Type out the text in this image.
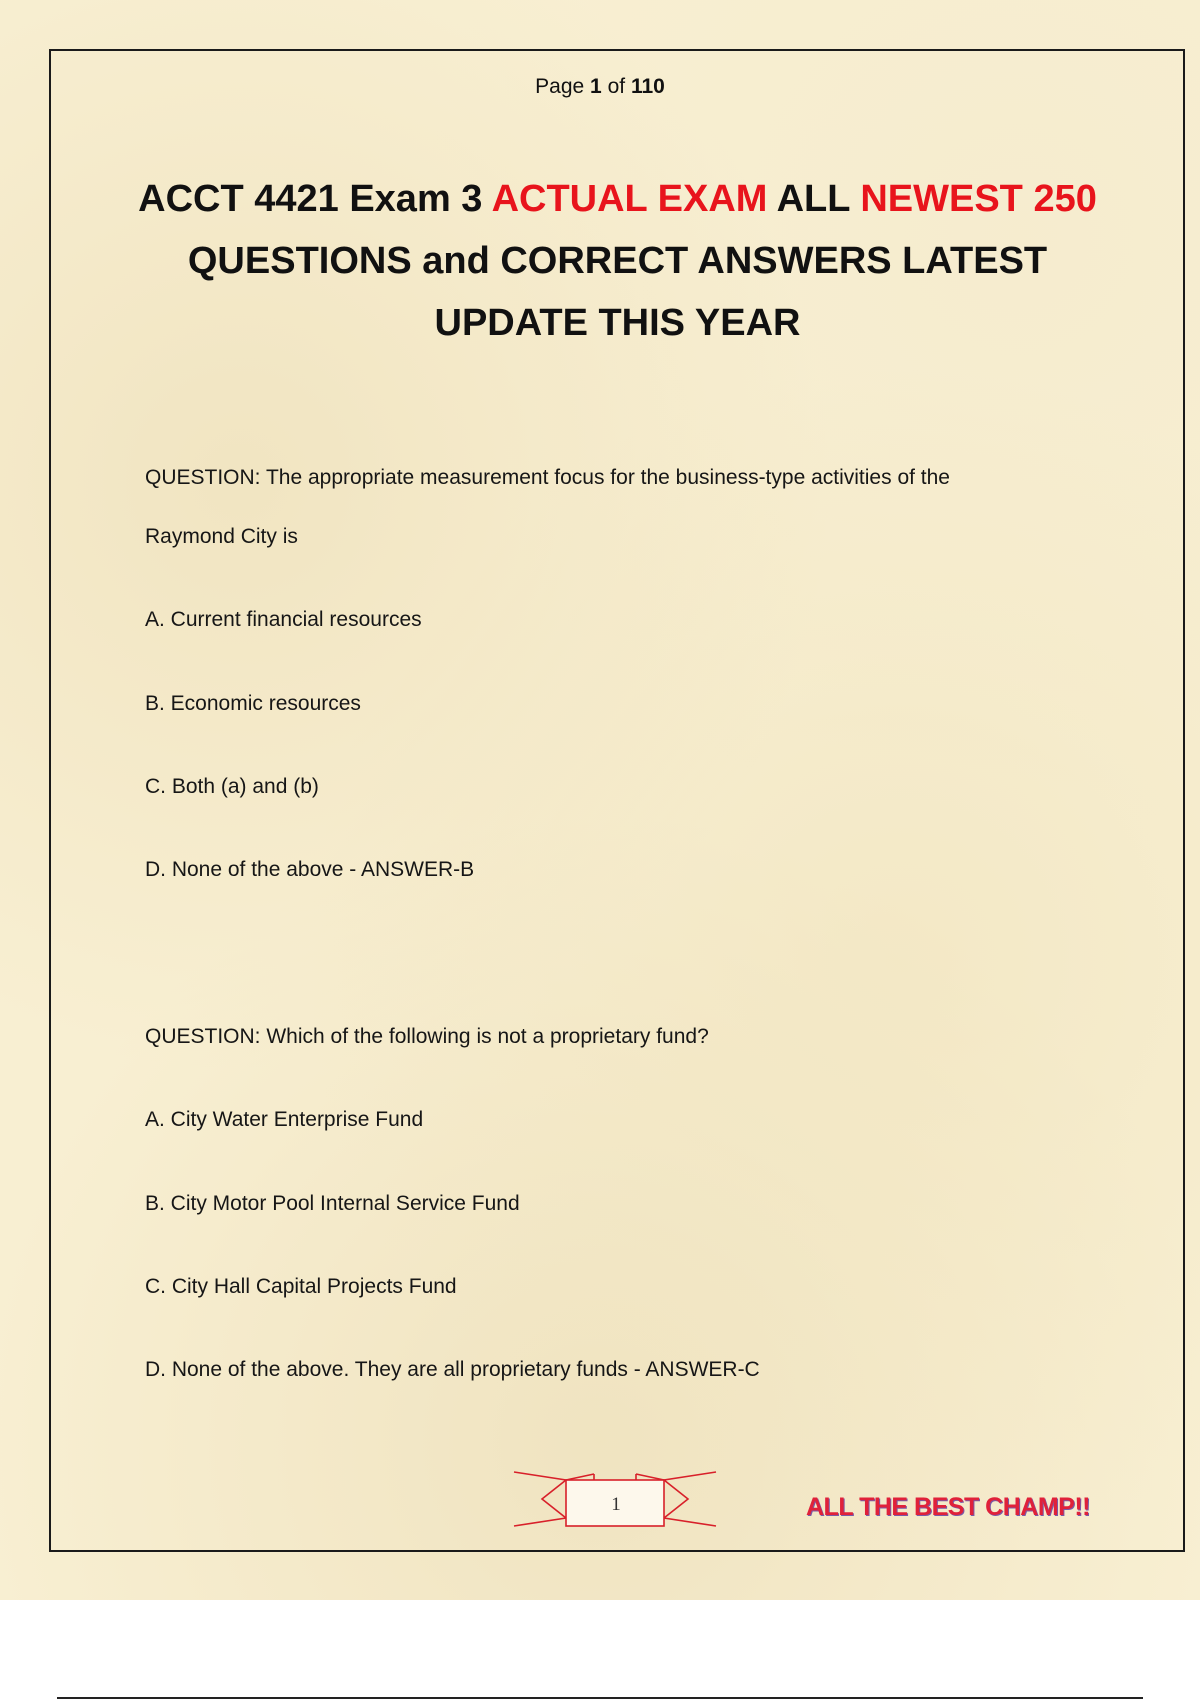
Page 1 of 110
ACCT 4421 Exam 3 ACTUAL EXAM ALL NEWEST 250
QUESTIONS and CORRECT ANSWERS LATEST
UPDATE THIS YEAR
QUESTION: The appropriate measurement focus for the business-type activities of the
Raymond City is
A. Current financial resources
B. Economic resources
C. Both (a) and (b)
D. None of the above - ANSWER-B
QUESTION: Which of the following is not a proprietary fund?
A. City Water Enterprise Fund
B. City Motor Pool Internal Service Fund
C. City Hall Capital Projects Fund
D. None of the above. They are all proprietary funds - ANSWER-C
1	ALL THE BEST CHAMP!!
